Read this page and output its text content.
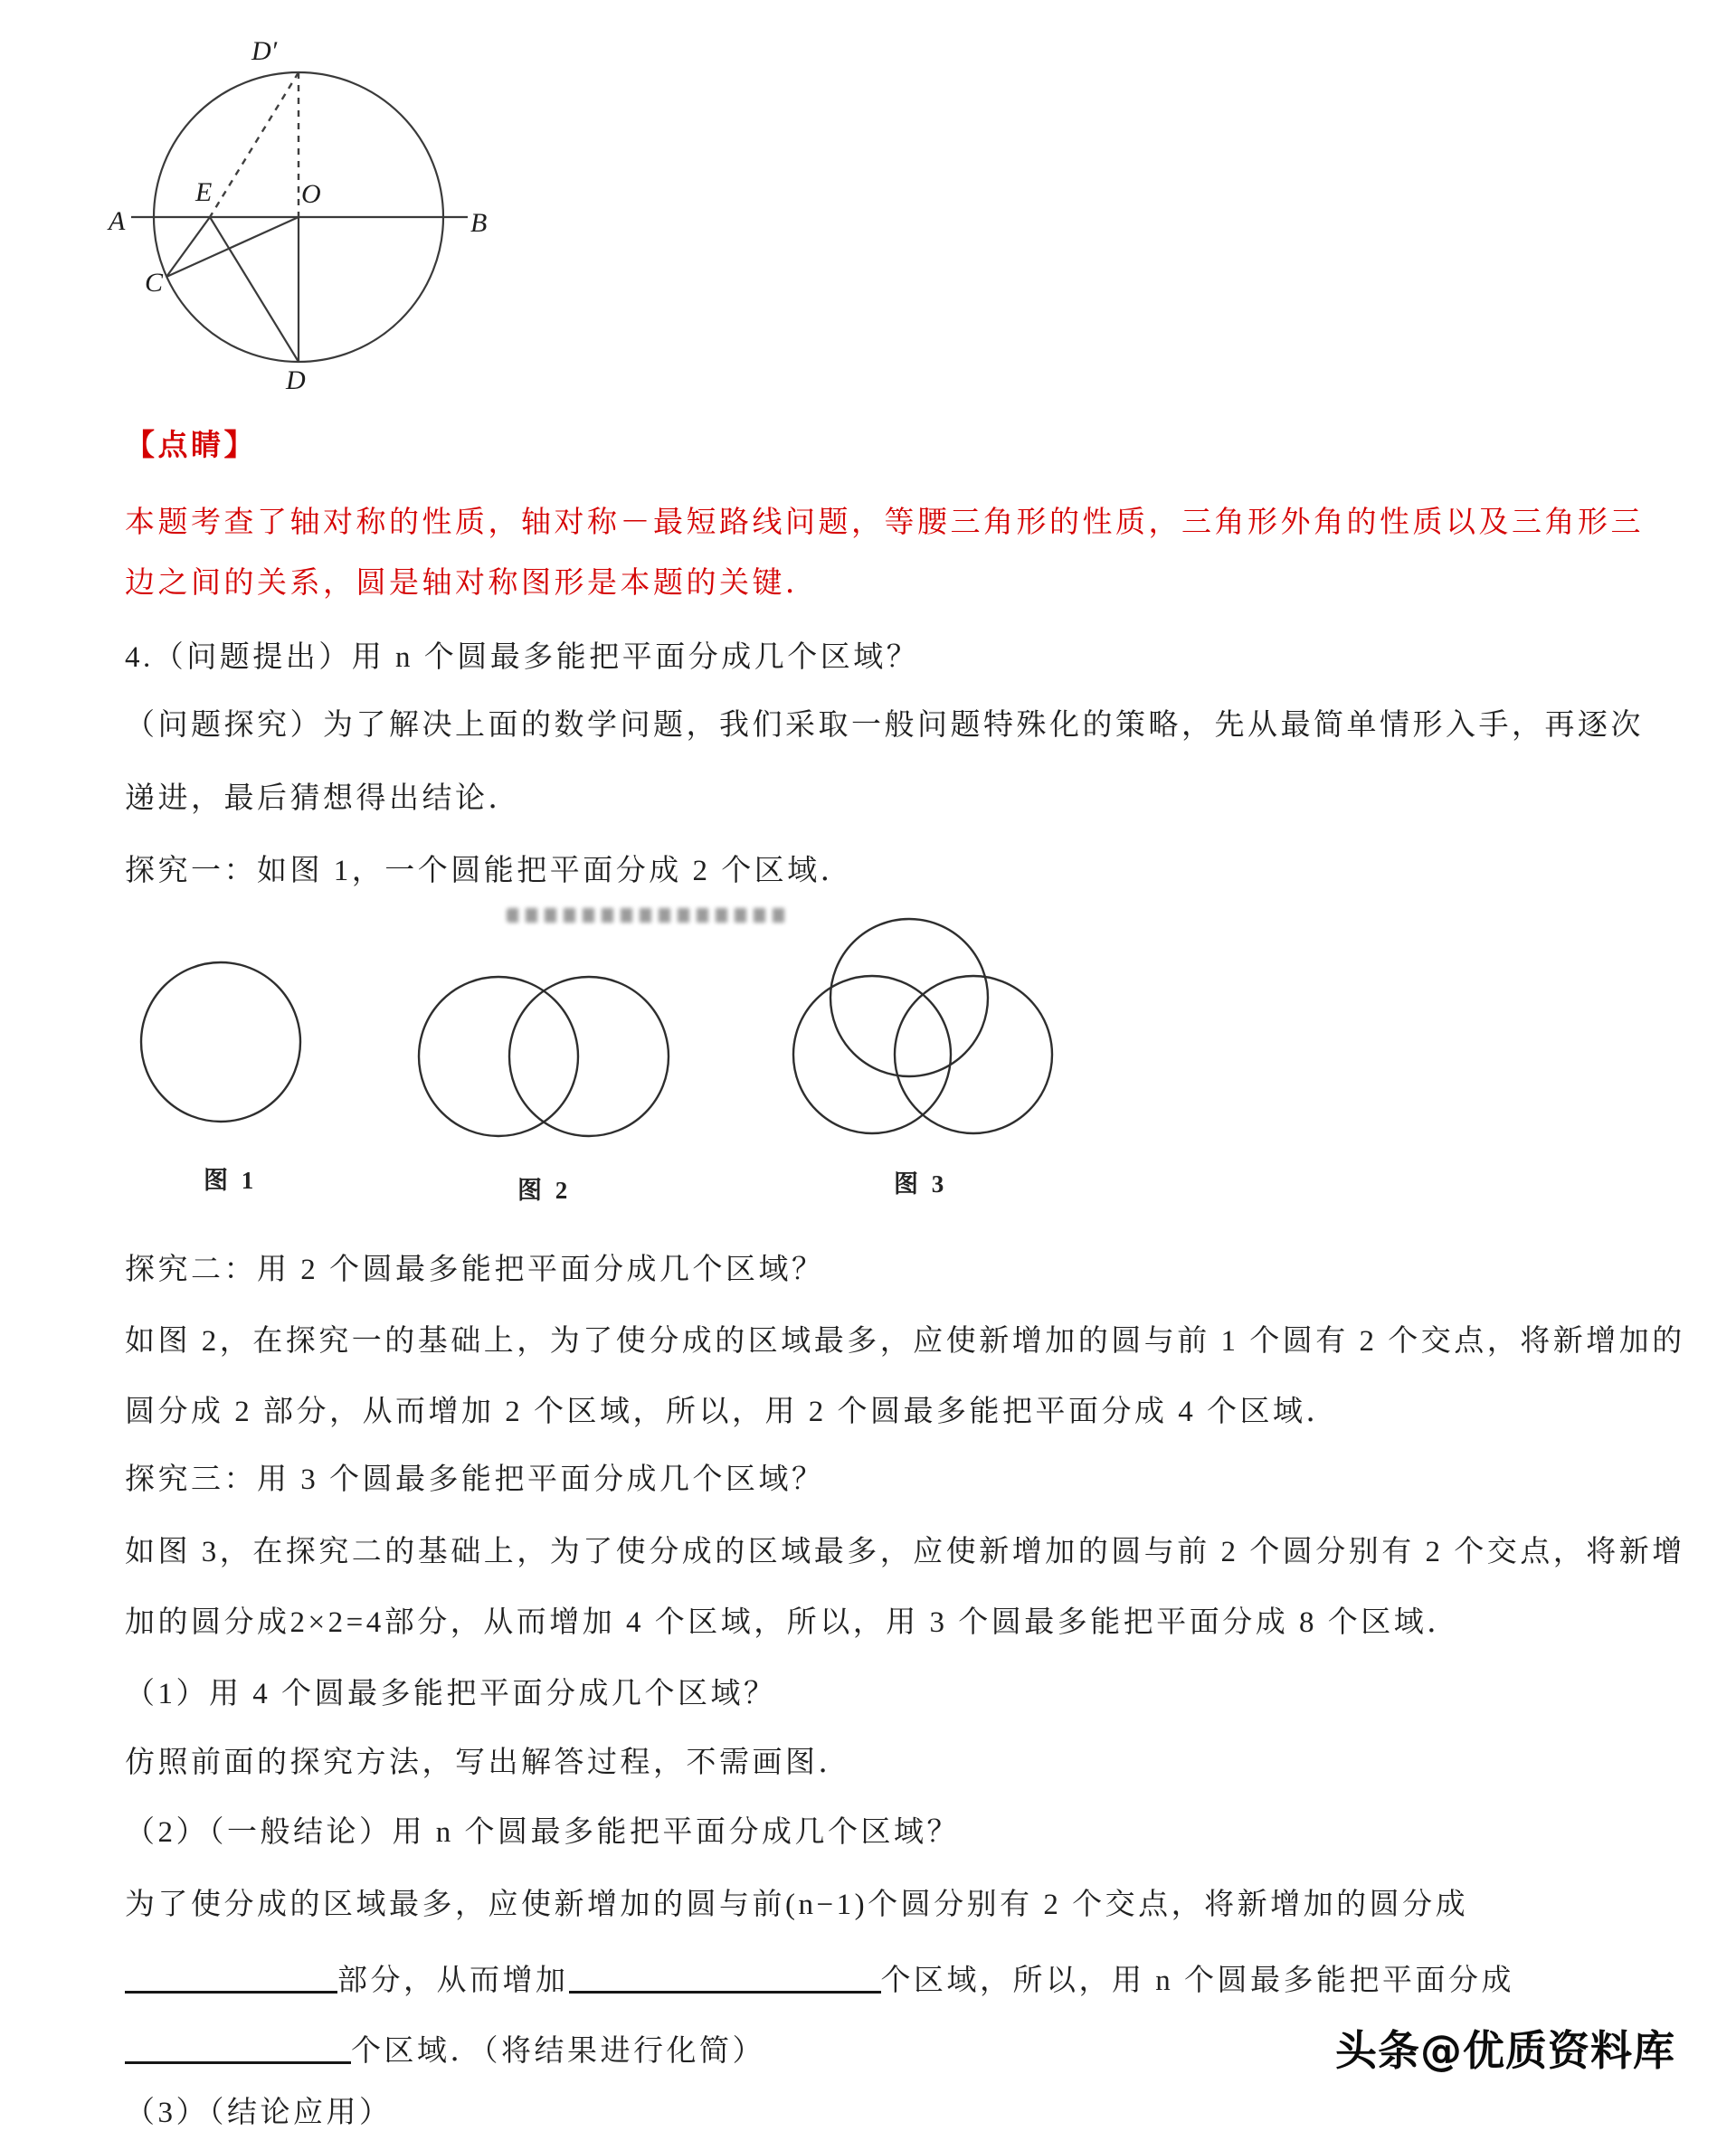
D′
A
E	O
B
C
D
【点睛】
本题考查了轴对称的性质，轴对称－最短路线问题，等腰三角形的性质，三角形外角的性质以及三角形三
边之间的关系，圆是轴对称图形是本题的关键．
4.（问题提出）用 n 个圆最多能把平面分成几个区域？
（问题探究）为了解决上面的数学问题，我们采取一般问题特殊化的策略，先从最简单情形入手，再逐次
递进，最后猜想得出结论．
探究一：如图 1，一个圆能把平面分成 2 个区域．
图 1	图 2	图 3
探究二：用 2 个圆最多能把平面分成几个区域？
如图 2，在探究一的基础上，为了使分成的区域最多，应使新增加的圆与前 1 个圆有 2 个交点，将新增加的
圆分成 2 部分，从而增加 2 个区域，所以，用 2 个圆最多能把平面分成 4 个区域．
探究三：用 3 个圆最多能把平面分成几个区域？
如图 3，在探究二的基础上，为了使分成的区域最多，应使新增加的圆与前 2 个圆分别有 2 个交点，将新增
加的圆分成2×2=4部分，从而增加 4 个区域，所以，用 3 个圆最多能把平面分成 8 个区域．
（1）用 4 个圆最多能把平面分成几个区域？
仿照前面的探究方法，写出解答过程，不需画图．
（2）（一般结论）用 n 个圆最多能把平面分成几个区域？
为了使分成的区域最多，应使新增加的圆与前(n−1)个圆分别有 2 个交点，将新增加的圆分成
部分，从而增加	个区域，所以，用 n 个圆最多能把平面分成
个区域．（将结果进行化简）
（3）（结论应用）
头条@优质资料库
